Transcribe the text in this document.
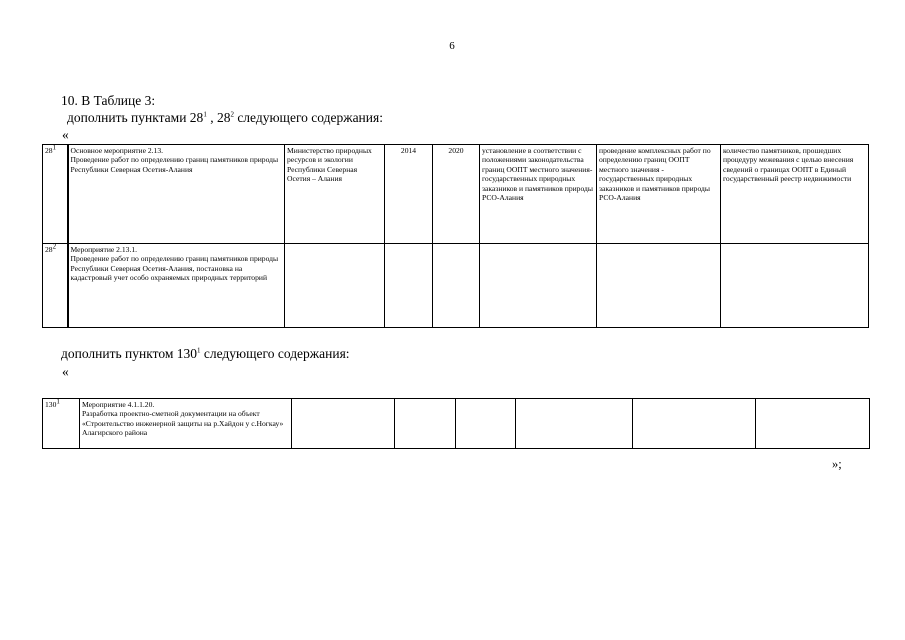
6
10. В Таблице 3:
дополнить пунктами $28^1$ , $28^2$ следующего содержания:
«
$28^1$	Основное мероприятие 2.13.
Проведение работ по определению границ памятников природы Республики Северная Осетия-Алания	Министерство природных ресурсов и экологии Республики Северная Осетия – Алания	2014	2020	установление в соответствии с положениями законодательства границ ООПТ местного значения-государственных природных заказников и памятников природы РСО-Алания	проведение комплексных работ по определению границ ООПТ местного значения - государственных природных заказников и памятников природы РСО-Алания	количество памятников, прошедших процедуру межевания с целью внесения сведений о границах ООПТ в Единый государственный реестр недвижимости
$28^2$	Мероприятие 2.13.1.
Проведение работ по определению границ памятников природы Республики Северная Осетия-Алания, постановка на кадастровый учет особо охраняемых природных территорий						
дополнить пунктом $130^1$ следующего содержания:
«
$130^1$	Мероприятие 4.1.1.20.
Разработка проектно-сметной документации на объект «Строительство инженерной защиты на р.Хайдон у с.Ногкау» Алагирского района						
»;
